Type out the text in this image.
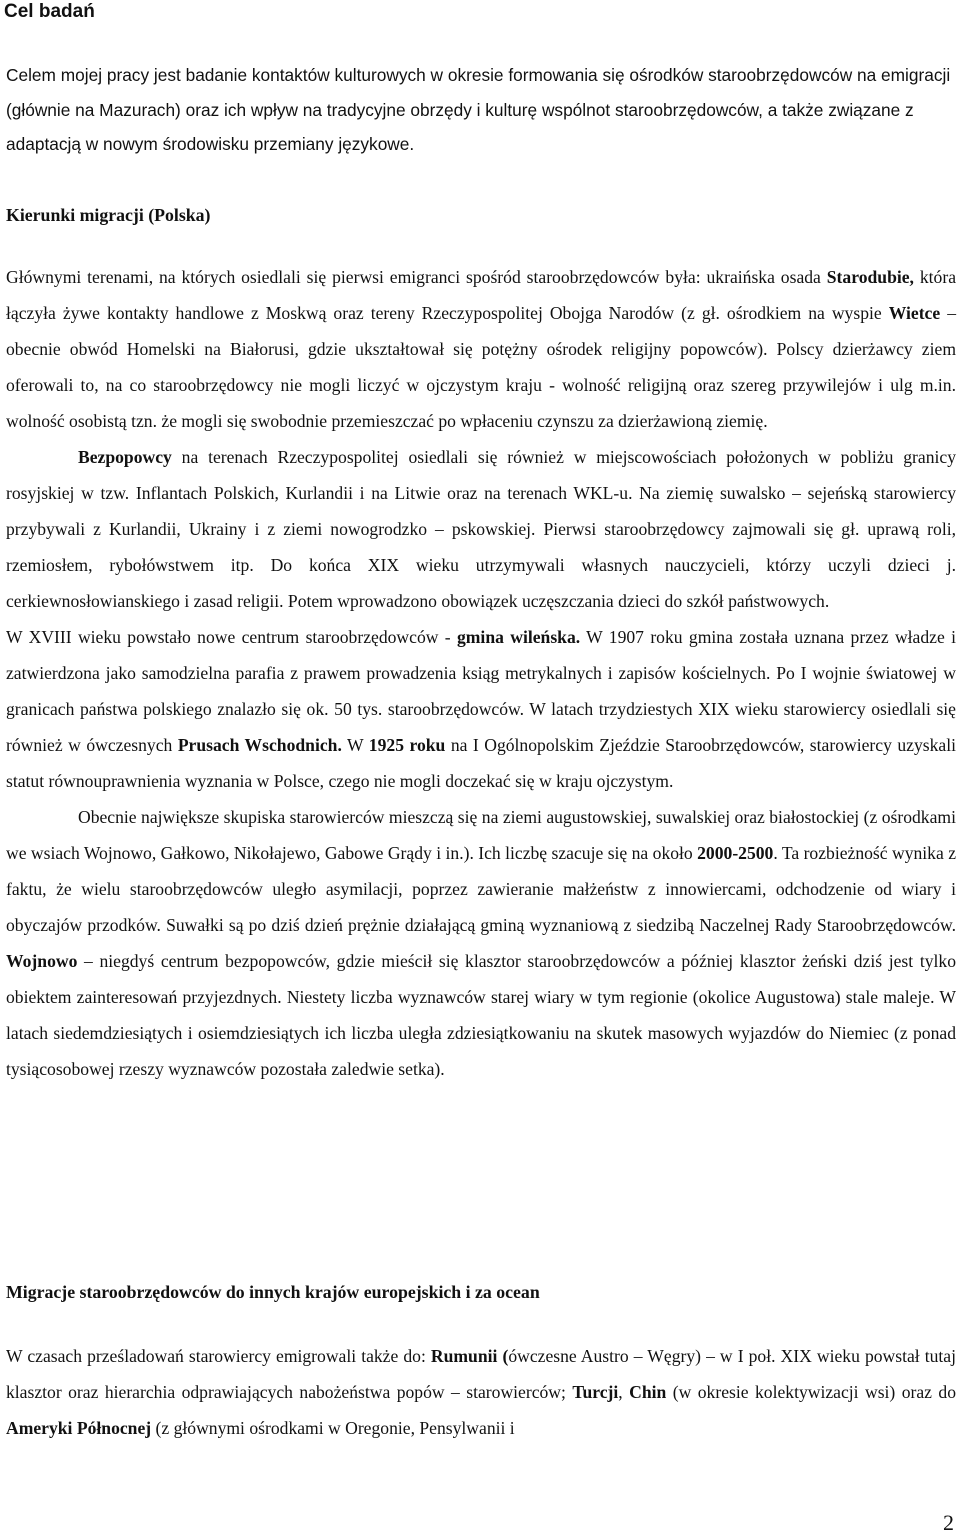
Cel badań

Celem mojej pracy jest badanie kontaktów kulturowych w okresie formowania się ośrodków staroobrzędowców na emigracji (głównie na Mazurach) oraz ich wpływ na tradycyjne obrzędy i kulturę wspólnot staroobrzędowców, a także związane z adaptacją w nowym środowisku przemiany językowe.

Kierunki migracji (Polska)

Głównymi terenami, na których osiedlali się pierwsi emigranci spośród staroobrzędowców była: ukraińska osada Starodubie, która łączyła żywe kontakty handlowe z Moskwą oraz tereny Rzeczypospolitej Obojga Narodów (z gł. ośrodkiem na wyspie Wietce – obecnie obwód Homelski na Białorusi, gdzie ukształtował się potężny ośrodek religijny popowców). Polscy dzierżawcy ziem oferowali to, na co staroobrzędowcy nie mogli liczyć w ojczystym kraju - wolność religijną oraz szereg przywilejów i ulg m.in. wolność osobistą tzn. że mogli się swobodnie przemieszczać po wpłaceniu czynszu za dzierżawioną ziemię.

Bezpopowcy na terenach Rzeczypospolitej osiedlali się również w miejscowościach położonych w pobliżu granicy rosyjskiej w tzw. Inflantach Polskich, Kurlandii i na Litwie oraz na terenach WKL-u. Na ziemię suwalsko – sejeńską starowiercy przybywali z Kurlandii, Ukrainy i z ziemi nowogrodzko – pskowskiej. Pierwsi staroobrzędowcy zajmowali się gł. uprawą roli, rzemiosłem, rybołówstwem itp. Do końca XIX wieku utrzymywali własnych nauczycieli, którzy uczyli dzieci j. cerkiewnosłowianskiego i zasad religii. Potem wprowadzono obowiązek uczęszczania dzieci do szkół państwowych.

W XVIII wieku powstało nowe centrum staroobrzędowców - gmina wileńska. W 1907 roku gmina została uznana przez władze i zatwierdzona jako samodzielna parafia z prawem prowadzenia ksiąg metrykalnych i zapisów kościelnych. Po I wojnie światowej w granicach państwa polskiego znalazło się ok. 50 tys. staroobrzędowców. W latach trzydziestych XIX wieku starowiercy osiedlali się również w ówczesnych Prusach Wschodnich. W 1925 roku na I Ogólnopolskim Zjeździe Staroobrzędowców, starowiercy uzyskali statut równouprawnienia wyznania w Polsce, czego nie mogli doczekać się w kraju ojczystym.

Obecnie największe skupiska starowierców mieszczą się na ziemi augustowskiej, suwalskiej oraz białostockiej (z ośrodkami we wsiach Wojnowo, Gałkowo, Nikołajewo, Gabowe Grądy i in.). Ich liczbę szacuje się na około 2000-2500. Ta rozbieżność wynika z faktu, że wielu staroobrzędowców uległo asymilacji, poprzez zawieranie małżeństw z innowiercami, odchodzenie od wiary i obyczajów przodków. Suwałki są po dziś dzień prężnie działającą gminą wyznaniową z siedzibą Naczelnej Rady Staroobrzędowców. Wojnowo – niegdyś centrum bezpopowców, gdzie mieścił się klasztor staroobrzędowców a później klasztor żeński dziś jest tylko obiektem zainteresowań przyjezdnych. Niestety liczba wyznawców starej wiary w tym regionie (okolice Augustowa) stale maleje. W latach siedemdziesiątych i osiemdziesiątych ich liczba uległa zdziesiątkowaniu na skutek masowych wyjazdów do Niemiec (z ponad tysiącosobowej rzeszy wyznawców pozostała zaledwie setka).

Migracje staroobrzędowców do innych krajów europejskich i za ocean

W czasach prześladowań starowiercy emigrowali także do: Rumunii (ówczesne Austro – Węgry) – w I poł. XIX wieku powstał tutaj klasztor oraz hierarchia odprawiających nabożeństwa popów – starowierców; Turcji, Chin (w okresie kolektywizacji wsi) oraz do Ameryki Północnej (z głównymi ośrodkami w Oregonie, Pensylwanii i

2
